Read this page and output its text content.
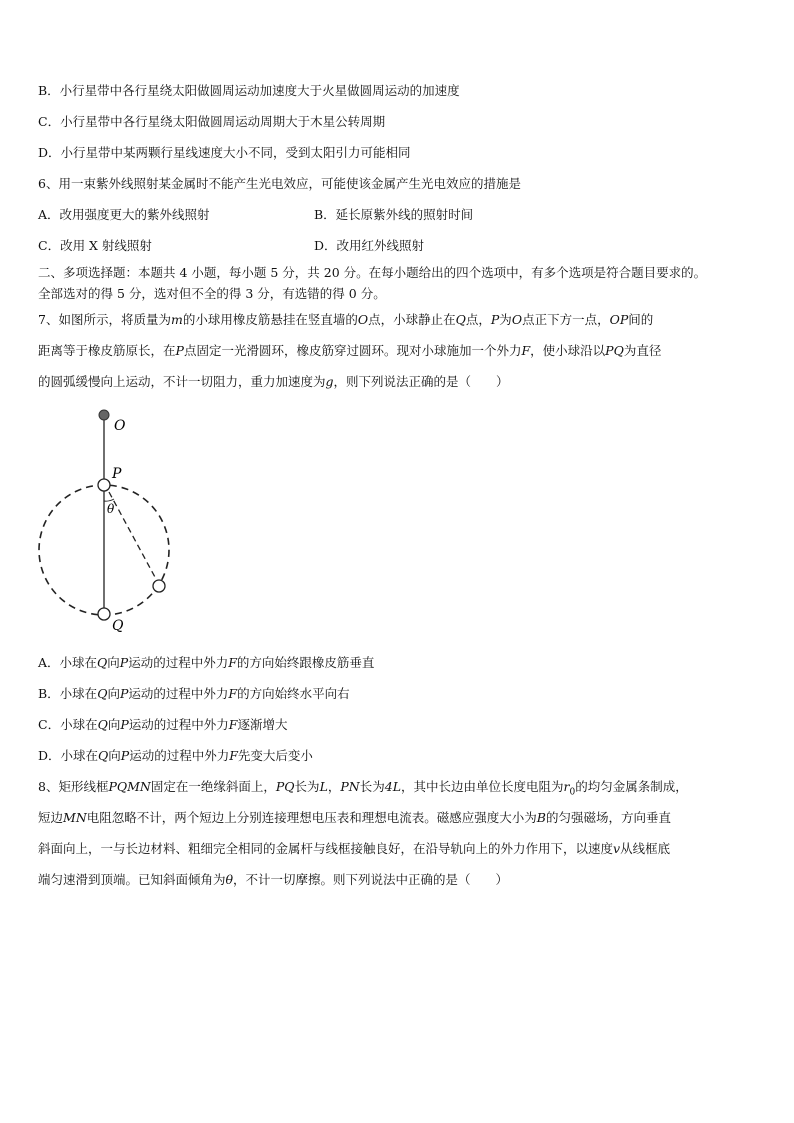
B．小行星带中各行星绕太阳做圆周运动加速度大于火星做圆周运动的加速度
C．小行星带中各行星绕太阳做圆周运动周期大于木星公转周期
D．小行星带中某两颗行星线速度大小不同，受到太阳引力可能相同
6、用一束紫外线照射某金属时不能产生光电效应，可能使该金属产生光电效应的措施是
A．改用强度更大的紫外线照射	B．延长原紫外线的照射时间
C．改用 X 射线照射	D．改用红外线照射
二、多项选择题：本题共 4 小题，每小题 5 分，共 20 分。在每小题给出的四个选项中，有多个选项是符合题目要求的。
全部选对的得 5 分，选对但不全的得 3 分，有选错的得 0 分。
7、如图所示，将质量为m的小球用橡皮筋悬挂在竖直墙的O点，小球静止在Q点，P为O点正下方一点，OP间的
距离等于橡皮筋原长，在P点固定一光滑圆环，橡皮筋穿过圆环。现对小球施加一个外力F，使小球沿以PQ为直径
的圆弧缓慢向上运动，不计一切阻力，重力加速度为g，则下列说法正确的是（　　）
O
P
θ
Q
A．小球在Q向P运动的过程中外力F的方向始终跟橡皮筋垂直
B．小球在Q向P运动的过程中外力F的方向始终水平向右
C．小球在Q向P运动的过程中外力F逐渐增大
D．小球在Q向P运动的过程中外力F先变大后变小
8、矩形线框PQMN固定在一绝缘斜面上，PQ长为L，PN长为4L，其中长边由单位长度电阻为$r_0$的均匀金属条制成，
短边MN电阻忽略不计，两个短边上分别连接理想电压表和理想电流表。磁感应强度大小为B的匀强磁场，方向垂直
斜面向上，一与长边材料、粗细完全相同的金属杆与线框接触良好，在沿导轨向上的外力作用下，以速度v从线框底
端匀速滑到顶端。已知斜面倾角为θ，不计一切摩擦。则下列说法中正确的是（　　）
